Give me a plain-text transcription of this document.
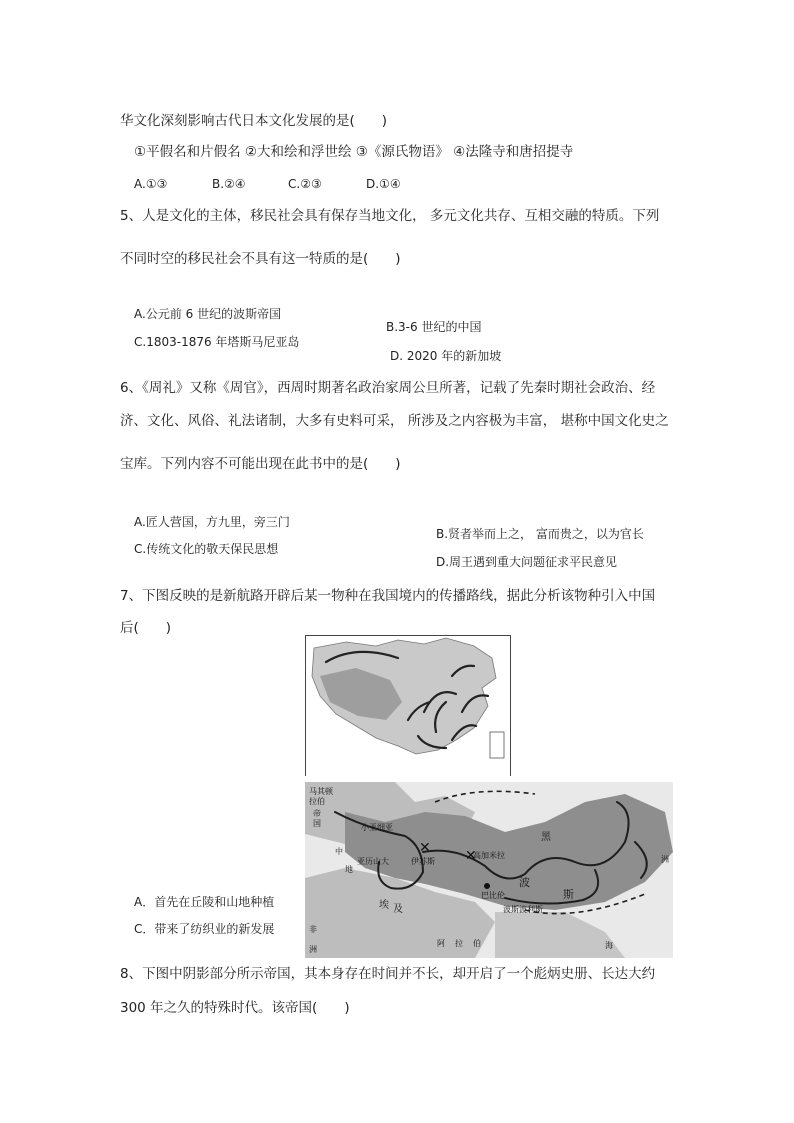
华文化深刻影响古代日本文化发展的是(　　)
①平假名和片假名 ②大和绘和浮世绘 ③《源氏物语》 ④法隆寺和唐招提寺
A.①③	B.②④	C.②③	D.①④
5、人是文化的主体，移民社会具有保存当地文化， 多元文化共存、互相交融的特质。下列
不同时空的移民社会不具有这一特质的是(　　)
A.公元前 6 世纪的波斯帝国
B.3-6 世纪的中国
C.1803-1876 年塔斯马尼亚岛
D. 2020 年的新加坡
6、《周礼》又称《周官》，西周时期著名政治家周公旦所著，记载了先秦时期社会政治、经
济、文化、风俗、礼法诸制，大多有史料可采， 所涉及之内容极为丰富， 堪称中国文化史之
宝库。下列内容不可能出现在此书中的是(　　)
A.匠人营国，方九里，旁三门
B.贤者举而上之， 富而贵之，以为官长
C.传统文化的敬天保民思想
D.周王遇到重大问题征求平民意见
7、下图反映的是新航路开辟后某一物种在我国境内的传播路线，据此分析该物种引入中国
后(　　)
✕ ✕
马其顿
拉伯
帝
国	小亚细亚
伊苏斯
高加米拉
亚历山大
巴比伦
波
斯
波斯波利斯
埃 及
非
洲
阿 拉 伯	海
中
地
黑
洲
A．首先在丘陵和山地种植
C．带来了纺织业的新发展
8、下图中阴影部分所示帝国，其本身存在时间并不长，却开启了一个彪炳史册、长达大约
300 年之久的特殊时代。该帝国(　　)
